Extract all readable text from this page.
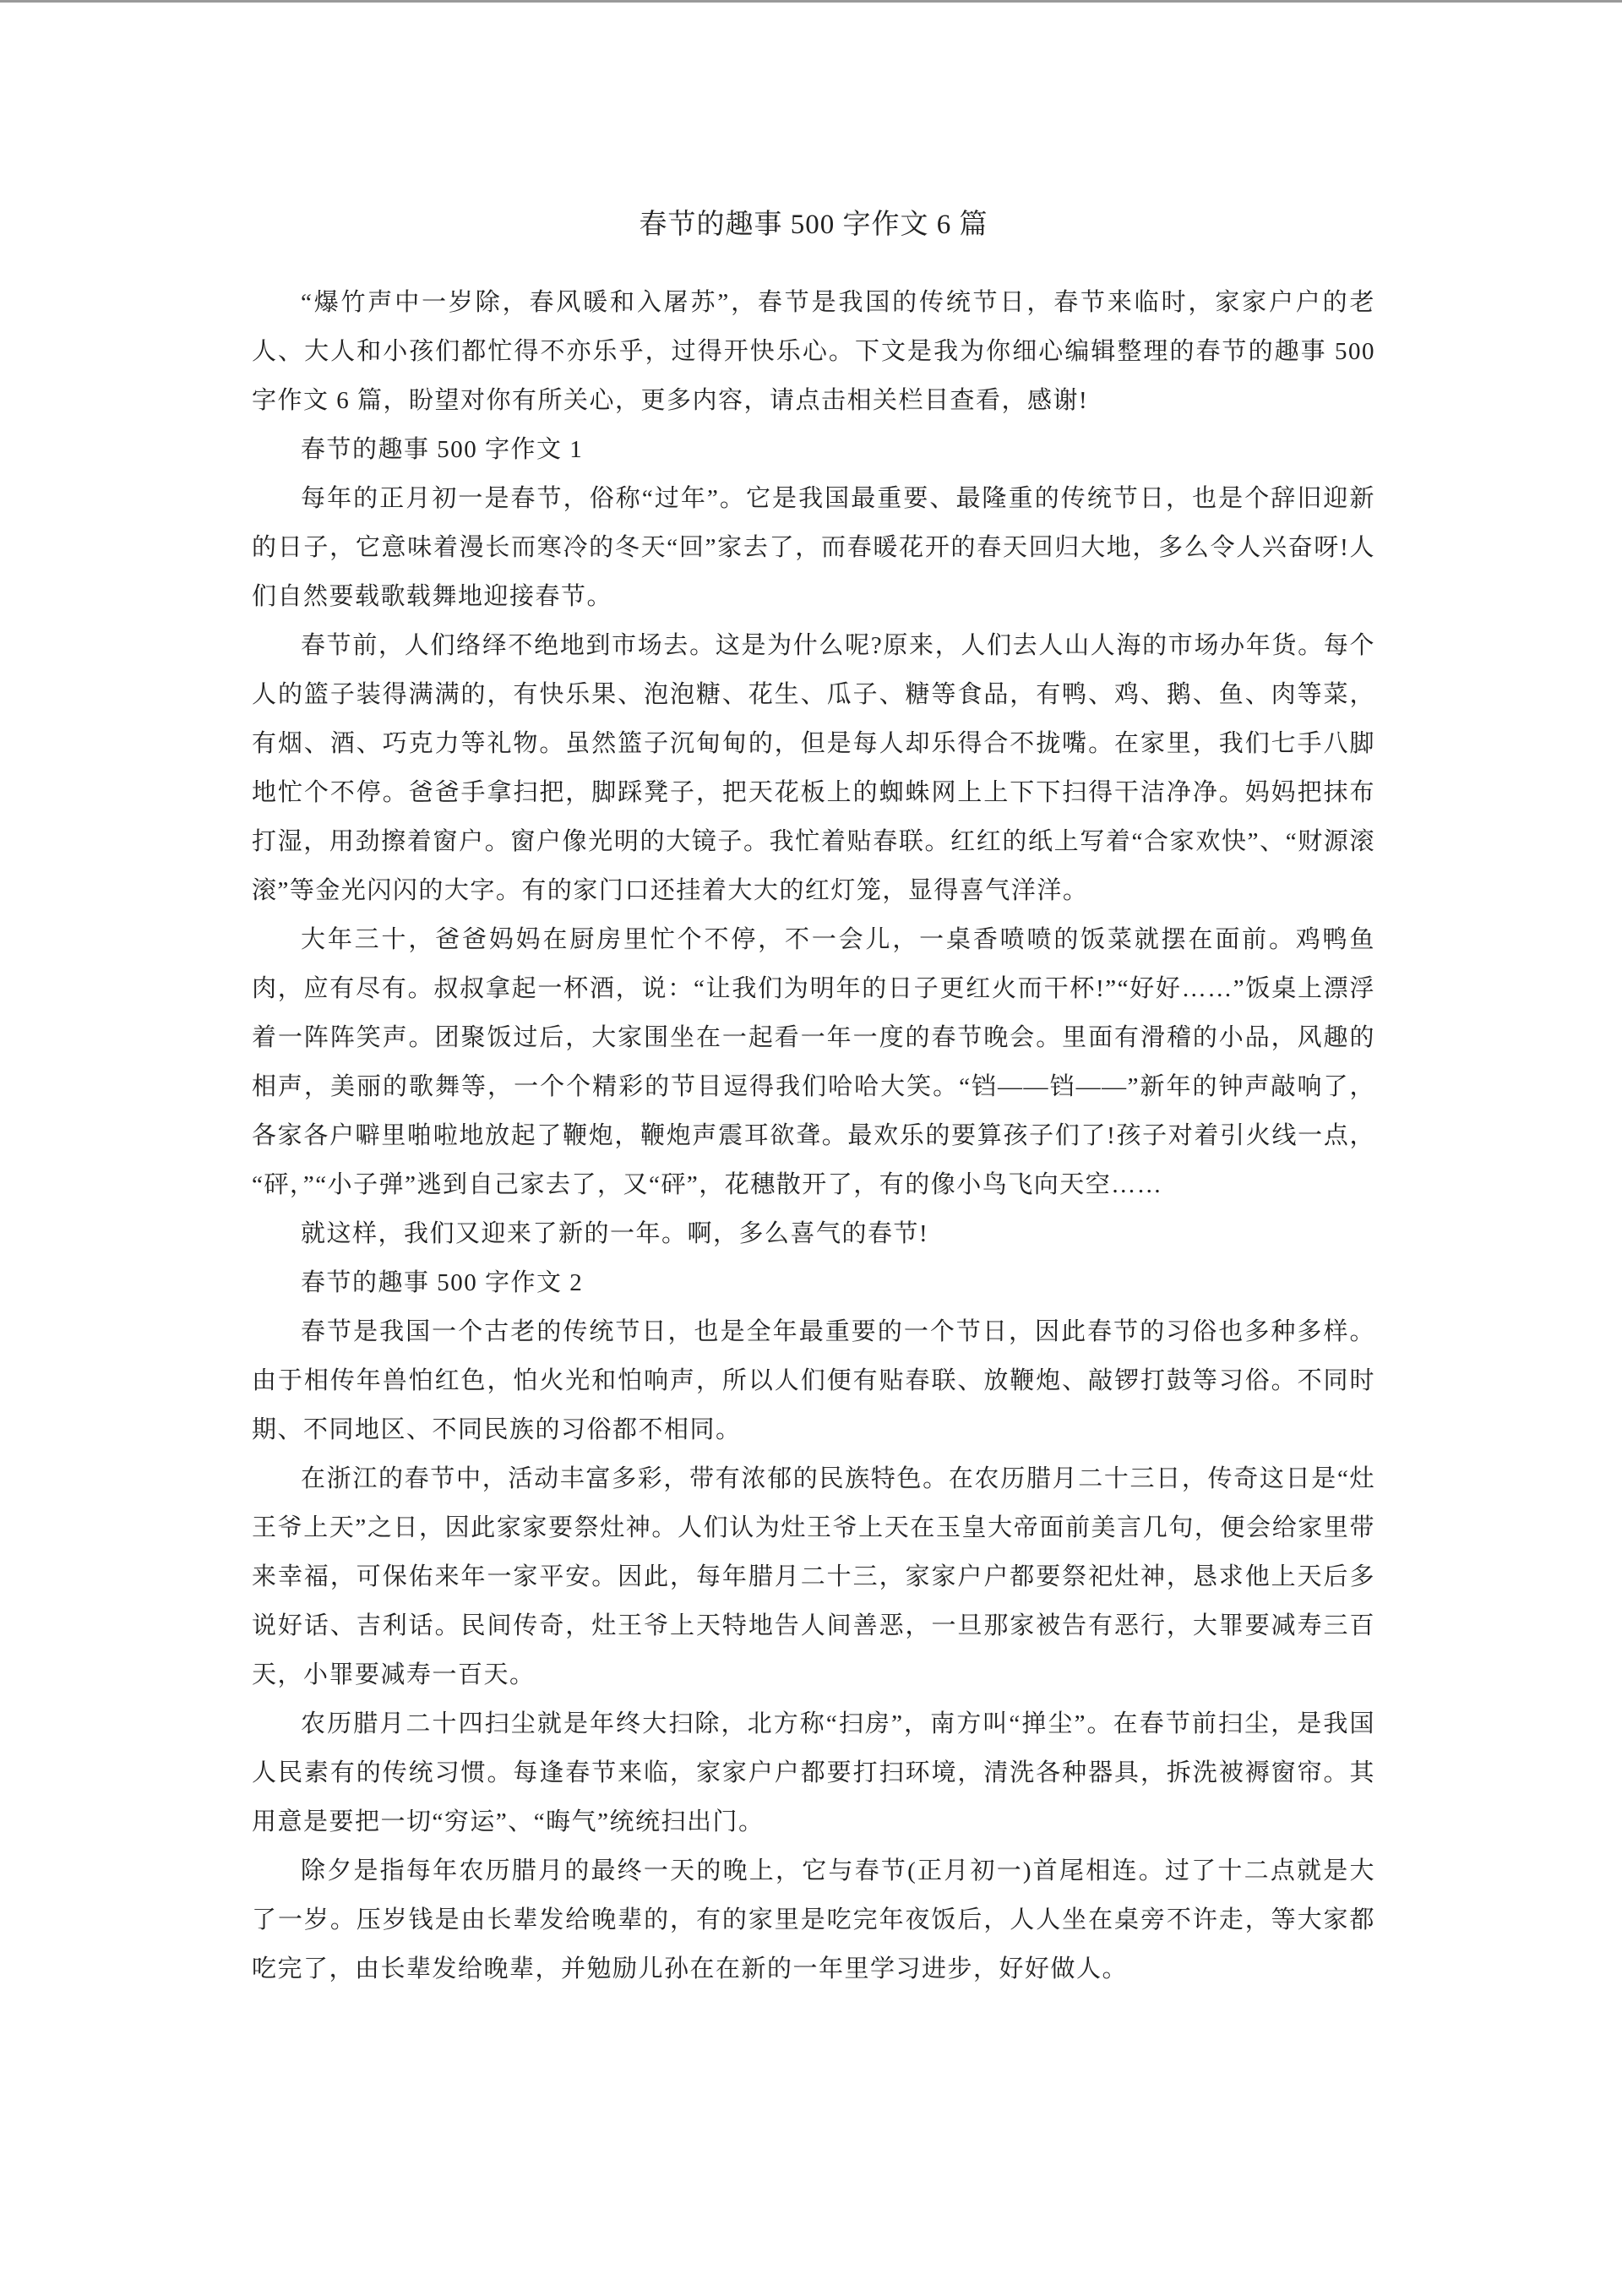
春节的趣事 500 字作文 6 篇

“爆竹声中一岁除，春风暖和入屠苏”，春节是我国的传统节日，春节来临时，家家户户的老人、大人和小孩们都忙得不亦乐乎，过得开快乐心。下文是我为你细心编辑整理的春节的趣事 500 字作文 6 篇，盼望对你有所关心，更多内容，请点击相关栏目查看，感谢!

春节的趣事 500 字作文 1

每年的正月初一是春节，俗称“过年”。它是我国最重要、最隆重的传统节日，也是个辞旧迎新的日子，它意味着漫长而寒冷的冬天“回”家去了，而春暖花开的春天回归大地，多么令人兴奋呀!人们自然要载歌载舞地迎接春节。

春节前，人们络绎不绝地到市场去。这是为什么呢?原来，人们去人山人海的市场办年货。每个人的篮子装得满满的，有快乐果、泡泡糖、花生、瓜子、糖等食品，有鸭、鸡、鹅、鱼、肉等菜，有烟、酒、巧克力等礼物。虽然篮子沉甸甸的，但是每人却乐得合不拢嘴。在家里，我们七手八脚地忙个不停。爸爸手拿扫把，脚踩凳子，把天花板上的蜘蛛网上上下下扫得干洁净净。妈妈把抹布打湿，用劲擦着窗户。窗户像光明的大镜子。我忙着贴春联。红红的纸上写着“合家欢快”、“财源滚滚”等金光闪闪的大字。有的家门口还挂着大大的红灯笼，显得喜气洋洋。

大年三十，爸爸妈妈在厨房里忙个不停，不一会儿，一桌香喷喷的饭菜就摆在面前。鸡鸭鱼肉，应有尽有。叔叔拿起一杯酒，说：“让我们为明年的日子更红火而干杯!”“好好……”饭桌上漂浮着一阵阵笑声。团聚饭过后，大家围坐在一起看一年一度的春节晚会。里面有滑稽的小品，风趣的相声，美丽的歌舞等，一个个精彩的节目逗得我们哈哈大笑。“铛——铛——”新年的钟声敲响了，各家各户噼里啪啦地放起了鞭炮，鞭炮声震耳欲聋。最欢乐的要算孩子们了!孩子对着引火线一点，“砰，”“小子弹”逃到自己家去了，又“砰”，花穗散开了，有的像小鸟飞向天空……

就这样，我们又迎来了新的一年。啊，多么喜气的春节!

春节的趣事 500 字作文 2

春节是我国一个古老的传统节日，也是全年最重要的一个节日，因此春节的习俗也多种多样。由于相传年兽怕红色，怕火光和怕响声，所以人们便有贴春联、放鞭炮、敲锣打鼓等习俗。不同时期、不同地区、不同民族的习俗都不相同。

在浙江的春节中，活动丰富多彩，带有浓郁的民族特色。在农历腊月二十三日，传奇这日是“灶王爷上天”之日，因此家家要祭灶神。人们认为灶王爷上天在玉皇大帝面前美言几句，便会给家里带来幸福，可保佑来年一家平安。因此，每年腊月二十三，家家户户都要祭祀灶神，恳求他上天后多说好话、吉利话。民间传奇，灶王爷上天特地告人间善恶，一旦那家被告有恶行，大罪要减寿三百天，小罪要减寿一百天。

农历腊月二十四扫尘就是年终大扫除，北方称“扫房”，南方叫“掸尘”。在春节前扫尘，是我国人民素有的传统习惯。每逢春节来临，家家户户都要打扫环境，清洗各种器具，拆洗被褥窗帘。其用意是要把一切“穷运”、“晦气”统统扫出门。

除夕是指每年农历腊月的最终一天的晚上，它与春节(正月初一)首尾相连。过了十二点就是大了一岁。压岁钱是由长辈发给晚辈的，有的家里是吃完年夜饭后，人人坐在桌旁不许走，等大家都吃完了，由长辈发给晚辈，并勉励儿孙在在新的一年里学习进步，好好做人。
